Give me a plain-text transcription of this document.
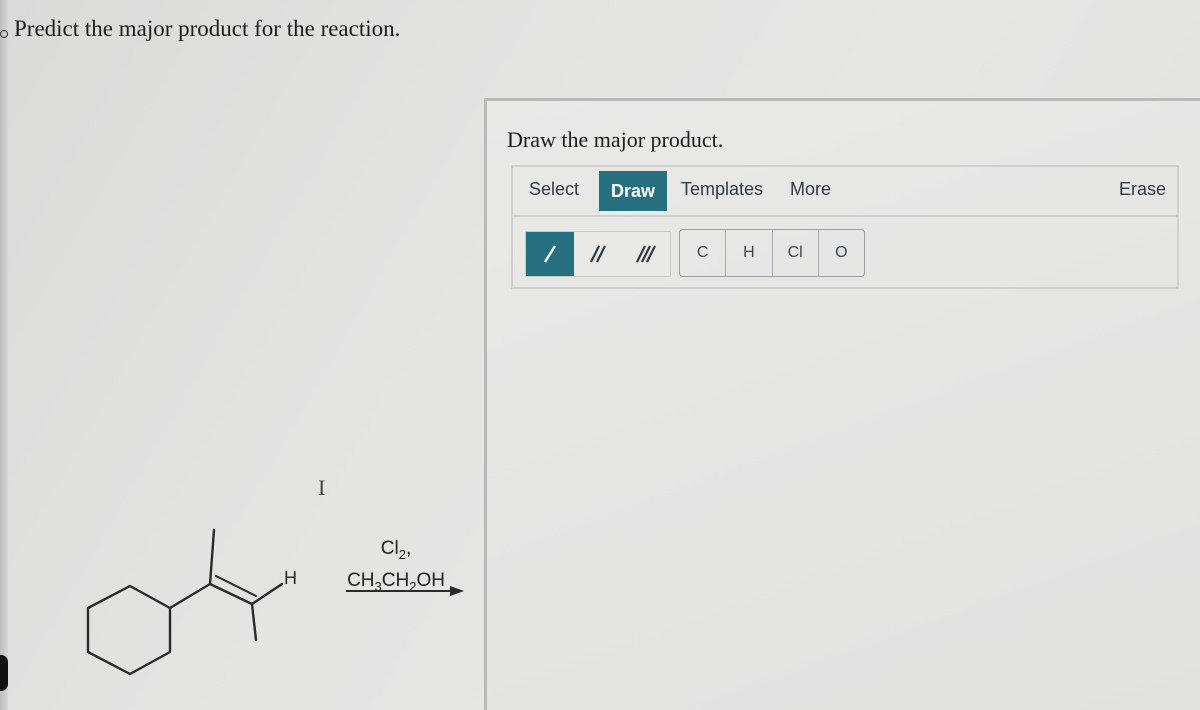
Predict the major product for the reaction.
H
I
$Cl_2$,
$CH_3CH_2OH$
Draw the major product.
Select	Draw	Templates More	Erase
C	H	Cl	O
